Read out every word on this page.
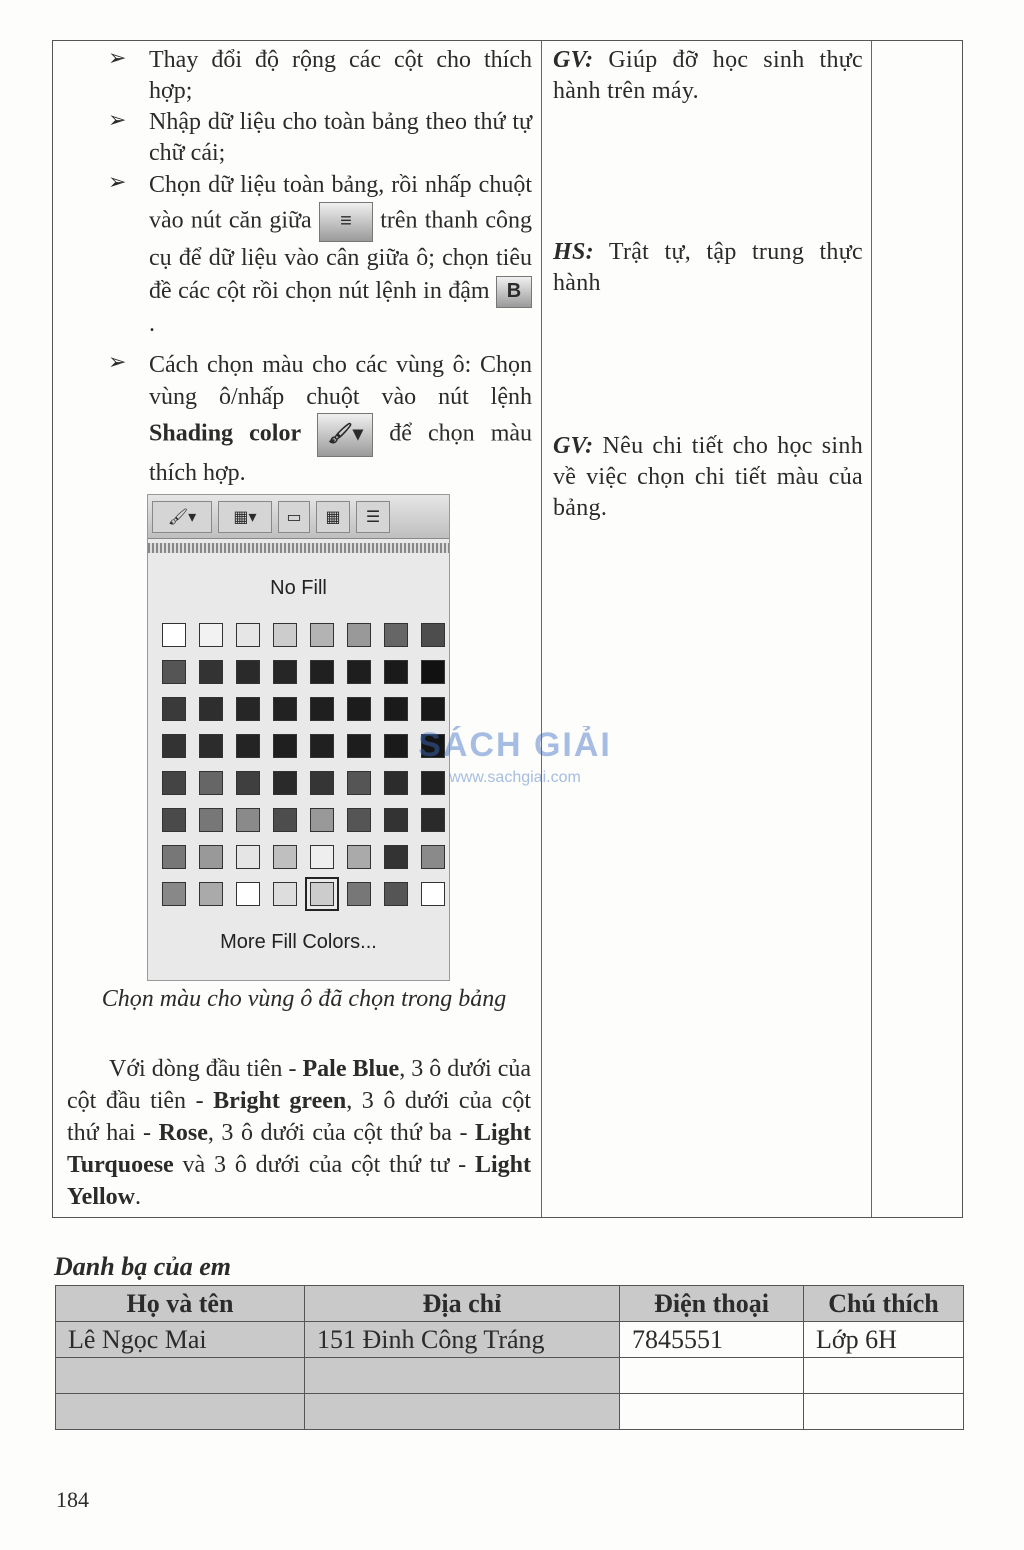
➢ Thay đổi độ rộng các cột cho thích hợp;
➢ Nhập dữ liệu cho toàn bảng theo thứ tự chữ cái;
➢ Chọn dữ liệu toàn bảng, rồi nhấp chuột vào nút căn giữa ≡ trên thanh công cụ để dữ liệu vào cân giữa ô; chọn tiêu đề các cột rồi chọn nút lệnh in đậm B.
➢ Cách chọn màu cho các vùng ô: Chọn vùng ô/nhấp chuột vào nút lệnh Shading color 🖌▾ để chọn màu thích hợp.
🖌▾ ▦▾ ▭ ▦ ☰
No Fill
More Fill Colors...
Chọn màu cho vùng ô đã chọn trong bảng
Với dòng đầu tiên - Pale Blue, 3 ô dưới của cột đầu tiên - Bright green, 3 ô dưới của cột thứ hai - Rose, 3 ô dưới của cột thứ ba - Light Turquoese và 3 ô dưới của cột thứ tư - Light Yellow.
GV: Giúp đỡ học sinh thực hành trên máy.
HS: Trật tự, tập trung thực hành
GV: Nêu chi tiết cho học sinh về việc chọn chi tiết màu của bảng.
SÁCH GIẢI
www.sachgiai.com
Danh bạ của em
Họ và tên	Địa chỉ	Điện thoại	Chú thích
Lê Ngọc Mai	151 Đinh Công Tráng	7845551	Lớp 6H

184
